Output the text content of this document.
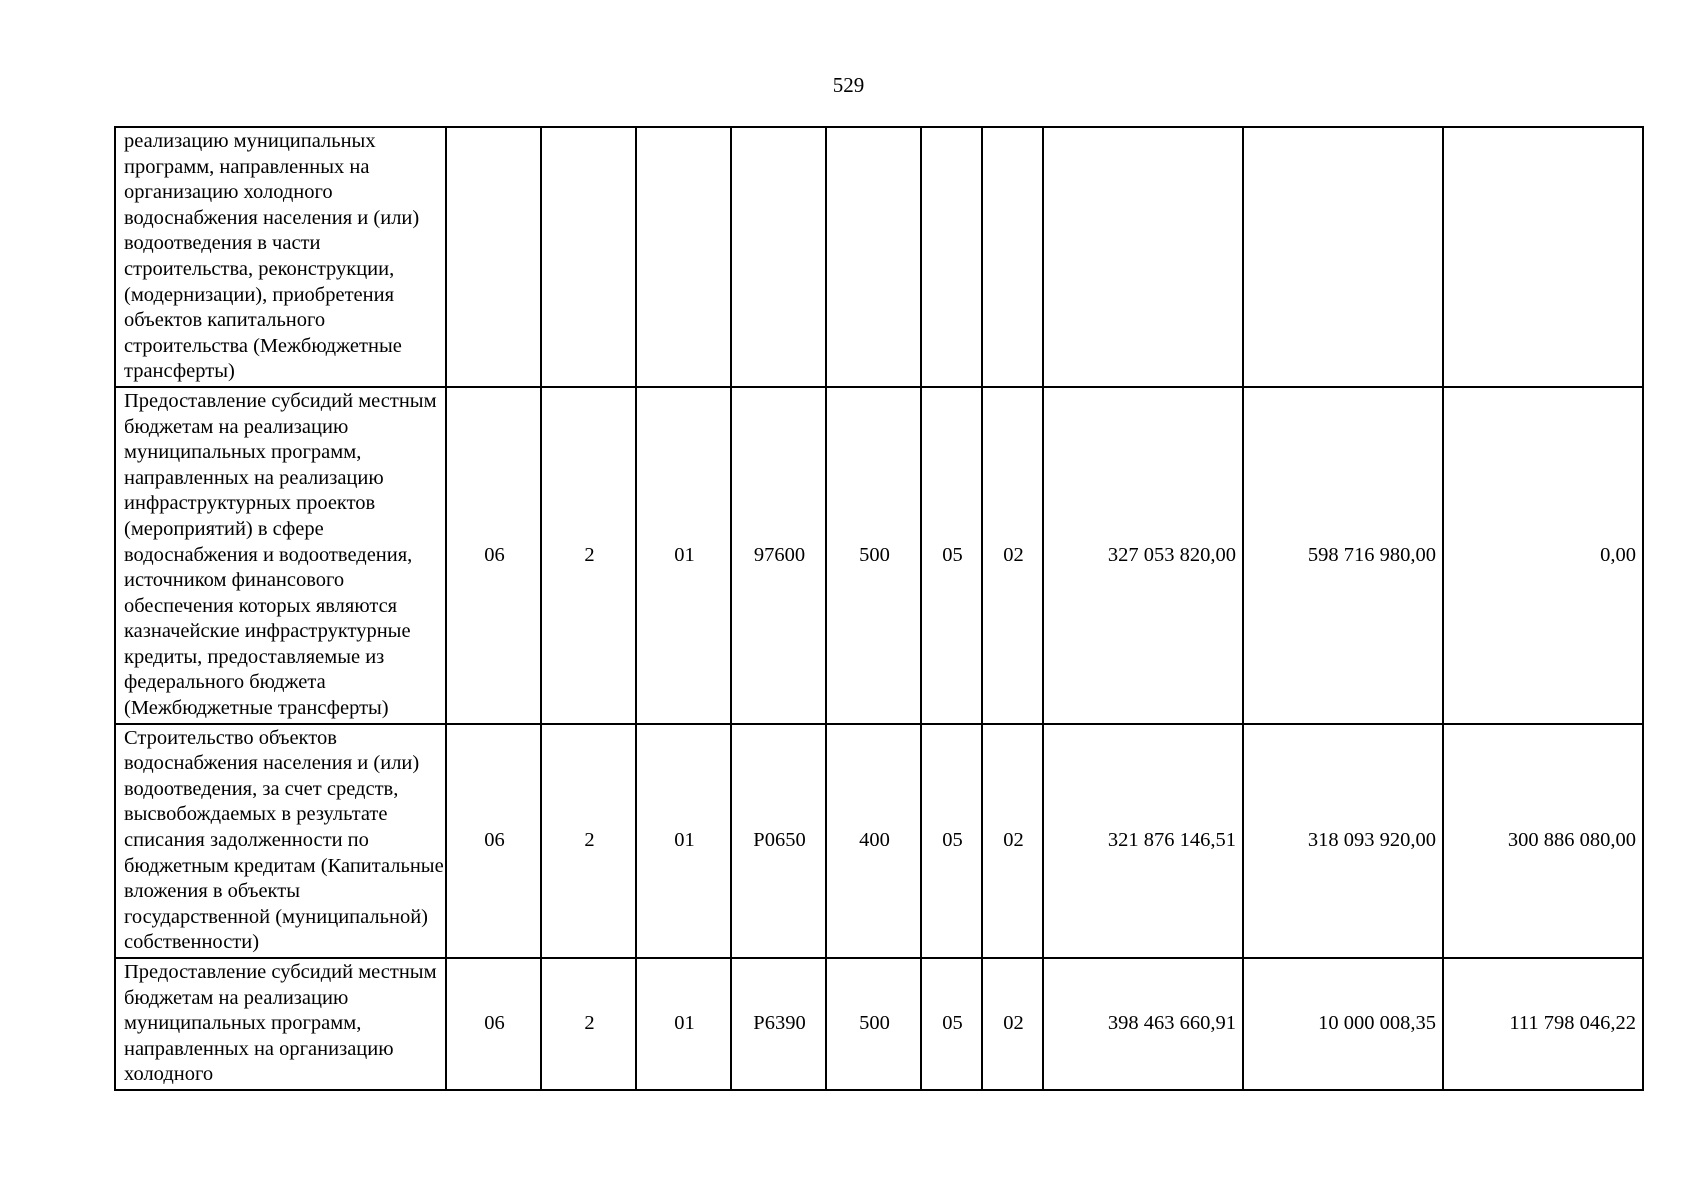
529
реализацию муниципальных программ, направленных на организацию холодного водоснабжения населения и (или) водоотведения в части строительства, реконструкции, (модернизации), приобретения объектов капитального строительства (Межбюджетные трансферты)										
Предоставление субсидий местным бюджетам на реализацию муниципальных программ, направленных на реализацию инфраструктурных проектов (мероприятий) в сфере водоснабжения и водоотведения, источником финансового обеспечения которых являются казначейские инфраструктурные кредиты, предоставляемые из федерального бюджета (Межбюджетные трансферты)	06	2	01	97600	500	05	02	327 053 820,00	598 716 980,00	0,00
Строительство объектов водоснабжения населения и (или) водоотведения, за счет средств, высвобождаемых в результате списания задолженности по бюджетным кредитам (Капитальные вложения в объекты государственной (муниципальной) собственности)	06	2	01	P0650	400	05	02	321 876 146,51	318 093 920,00	300 886 080,00
Предоставление субсидий местным бюджетам на реализацию муниципальных программ, направленных на организацию холодного	06	2	01	P6390	500	05	02	398 463 660,91	10 000 008,35	111 798 046,22
